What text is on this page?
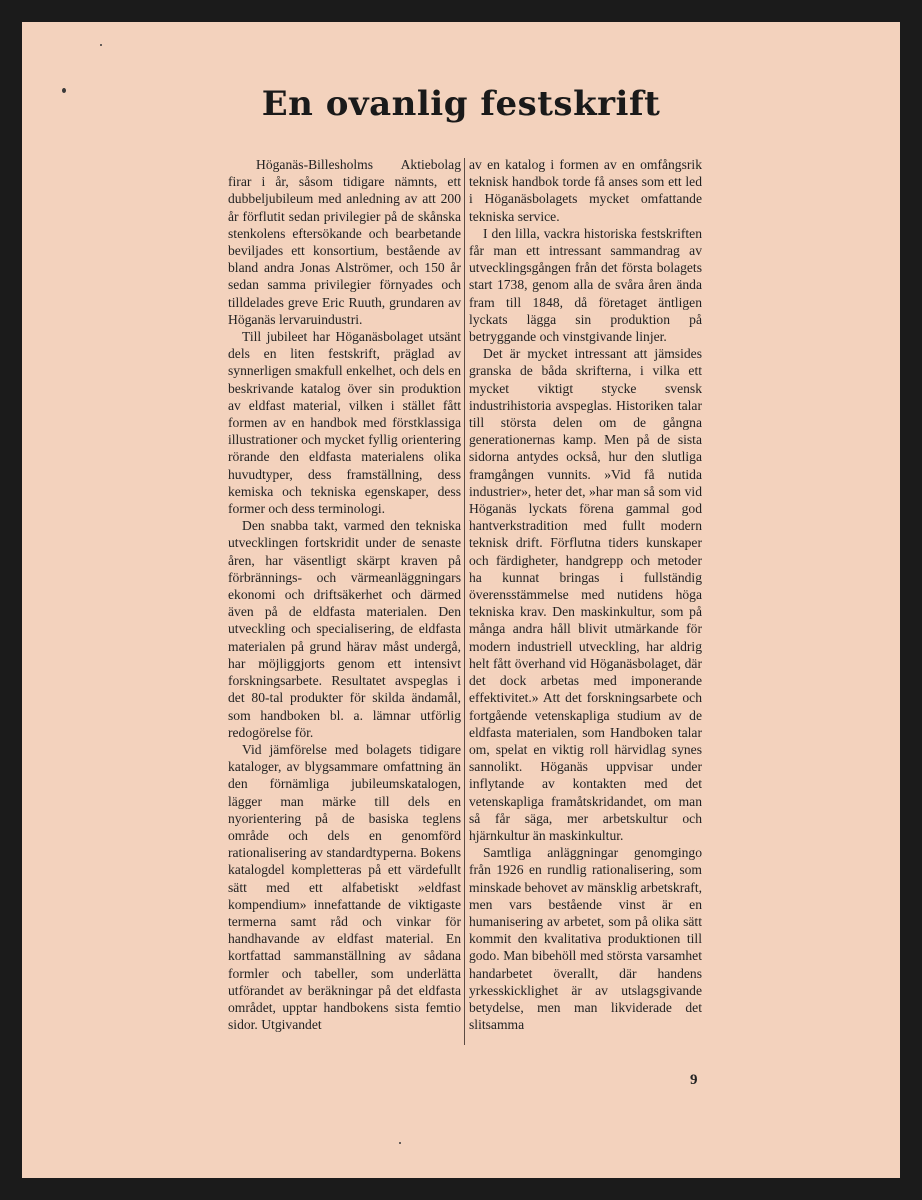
En ovanlig festskrift

Höganäs-Billesholms Aktiebolag firar i år, såsom tidigare nämnts, ett dubbeljubileum med anledning av att 200 år förflutit sedan privilegier på de skånska stenkolens eftersökande och bearbetande beviljades ett konsortium, bestående av bland andra Jonas Alströmer, och 150 år sedan samma privilegier förnyades och tilldelades greve Eric Ruuth, grundaren av Höganäs lervaruindustri.

Till jubileet har Höganäsbolaget utsänt dels en liten festskrift, präglad av synnerligen smakfull enkelhet, och dels en beskrivande katalog över sin produktion av eldfast material, vilken i stället fått formen av en handbok med förstklassiga illustrationer och mycket fyllig orientering rörande den eldfasta materialens olika huvudtyper, dess framställning, dess kemiska och tekniska egenskaper, dess former och dess terminologi.

Den snabba takt, varmed den tekniska utvecklingen fortskridit under de senaste åren, har väsentligt skärpt kraven på förbrännings- och värmeanläggningars ekonomi och driftsäkerhet och därmed även på de eldfasta materialen. Den utveckling och specialisering, de eldfasta materialen på grund härav måst undergå, har möjliggjorts genom ett intensivt forskningsarbete. Resultatet avspeglas i det 80-tal produkter för skilda ändamål, som handboken bl. a. lämnar utförlig redogörelse för.

Vid jämförelse med bolagets tidigare kataloger, av blygsammare omfattning än den förnämliga jubileumskatalogen, lägger man märke till dels en nyorientering på de basiska teglens område och dels en genomförd rationalisering av standardtyperna. Bokens katalogdel kompletteras på ett värdefullt sätt med ett alfabetiskt »eldfast kompendium» innefattande de viktigaste termerna samt råd och vinkar för handhavande av eldfast material. En kortfattad sammanställning av sådana formler och tabeller, som underlätta utförandet av beräkningar på det eldfasta området, upptar handbokens sista femtio sidor. Utgivandet

av en katalog i formen av en omfångsrik teknisk handbok torde få anses som ett led i Höganäsbolagets mycket omfattande tekniska service.

I den lilla, vackra historiska festskriften får man ett intressant sammandrag av utvecklingsgången från det första bolagets start 1738, genom alla de svåra åren ända fram till 1848, då företaget äntligen lyckats lägga sin produktion på betryggande och vinstgivande linjer.

Det är mycket intressant att jämsides granska de båda skrifterna, i vilka ett mycket viktigt stycke svensk industrihistoria avspeglas. Historiken talar till största delen om de gångna generationernas kamp. Men på de sista sidorna antydes också, hur den slutliga framgången vunnits. »Vid få nutida industrier», heter det, »har man så som vid Höganäs lyckats förena gammal god hantverkstradition med fullt modern teknisk drift. Förflutna tiders kunskaper och färdigheter, handgrepp och metoder ha kunnat bringas i fullständig överensstämmelse med nutidens höga tekniska krav. Den maskinkultur, som på många andra håll blivit utmärkande för modern industriell utveckling, har aldrig helt fått överhand vid Höganäsbolaget, där det dock arbetas med imponerande effektivitet.» Att det forskningsarbete och fortgående vetenskapliga studium av de eldfasta materialen, som Handboken talar om, spelat en viktig roll härvidlag synes sannolikt. Höganäs uppvisar under inflytande av kontakten med det vetenskapliga framåtskridandet, om man så får säga, mer arbetskultur och hjärnkultur än maskinkultur.

Samtliga anläggningar genomgingo från 1926 en rundlig rationalisering, som minskade behovet av mänsklig arbetskraft, men vars bestående vinst är en humanisering av arbetet, som på olika sätt kommit den kvalitativa produktionen till godo. Man bibehöll med största varsamhet handarbetet överallt, där handens yrkesskicklighet är av utslagsgivande betydelse, men man likviderade det slitsamma

9
